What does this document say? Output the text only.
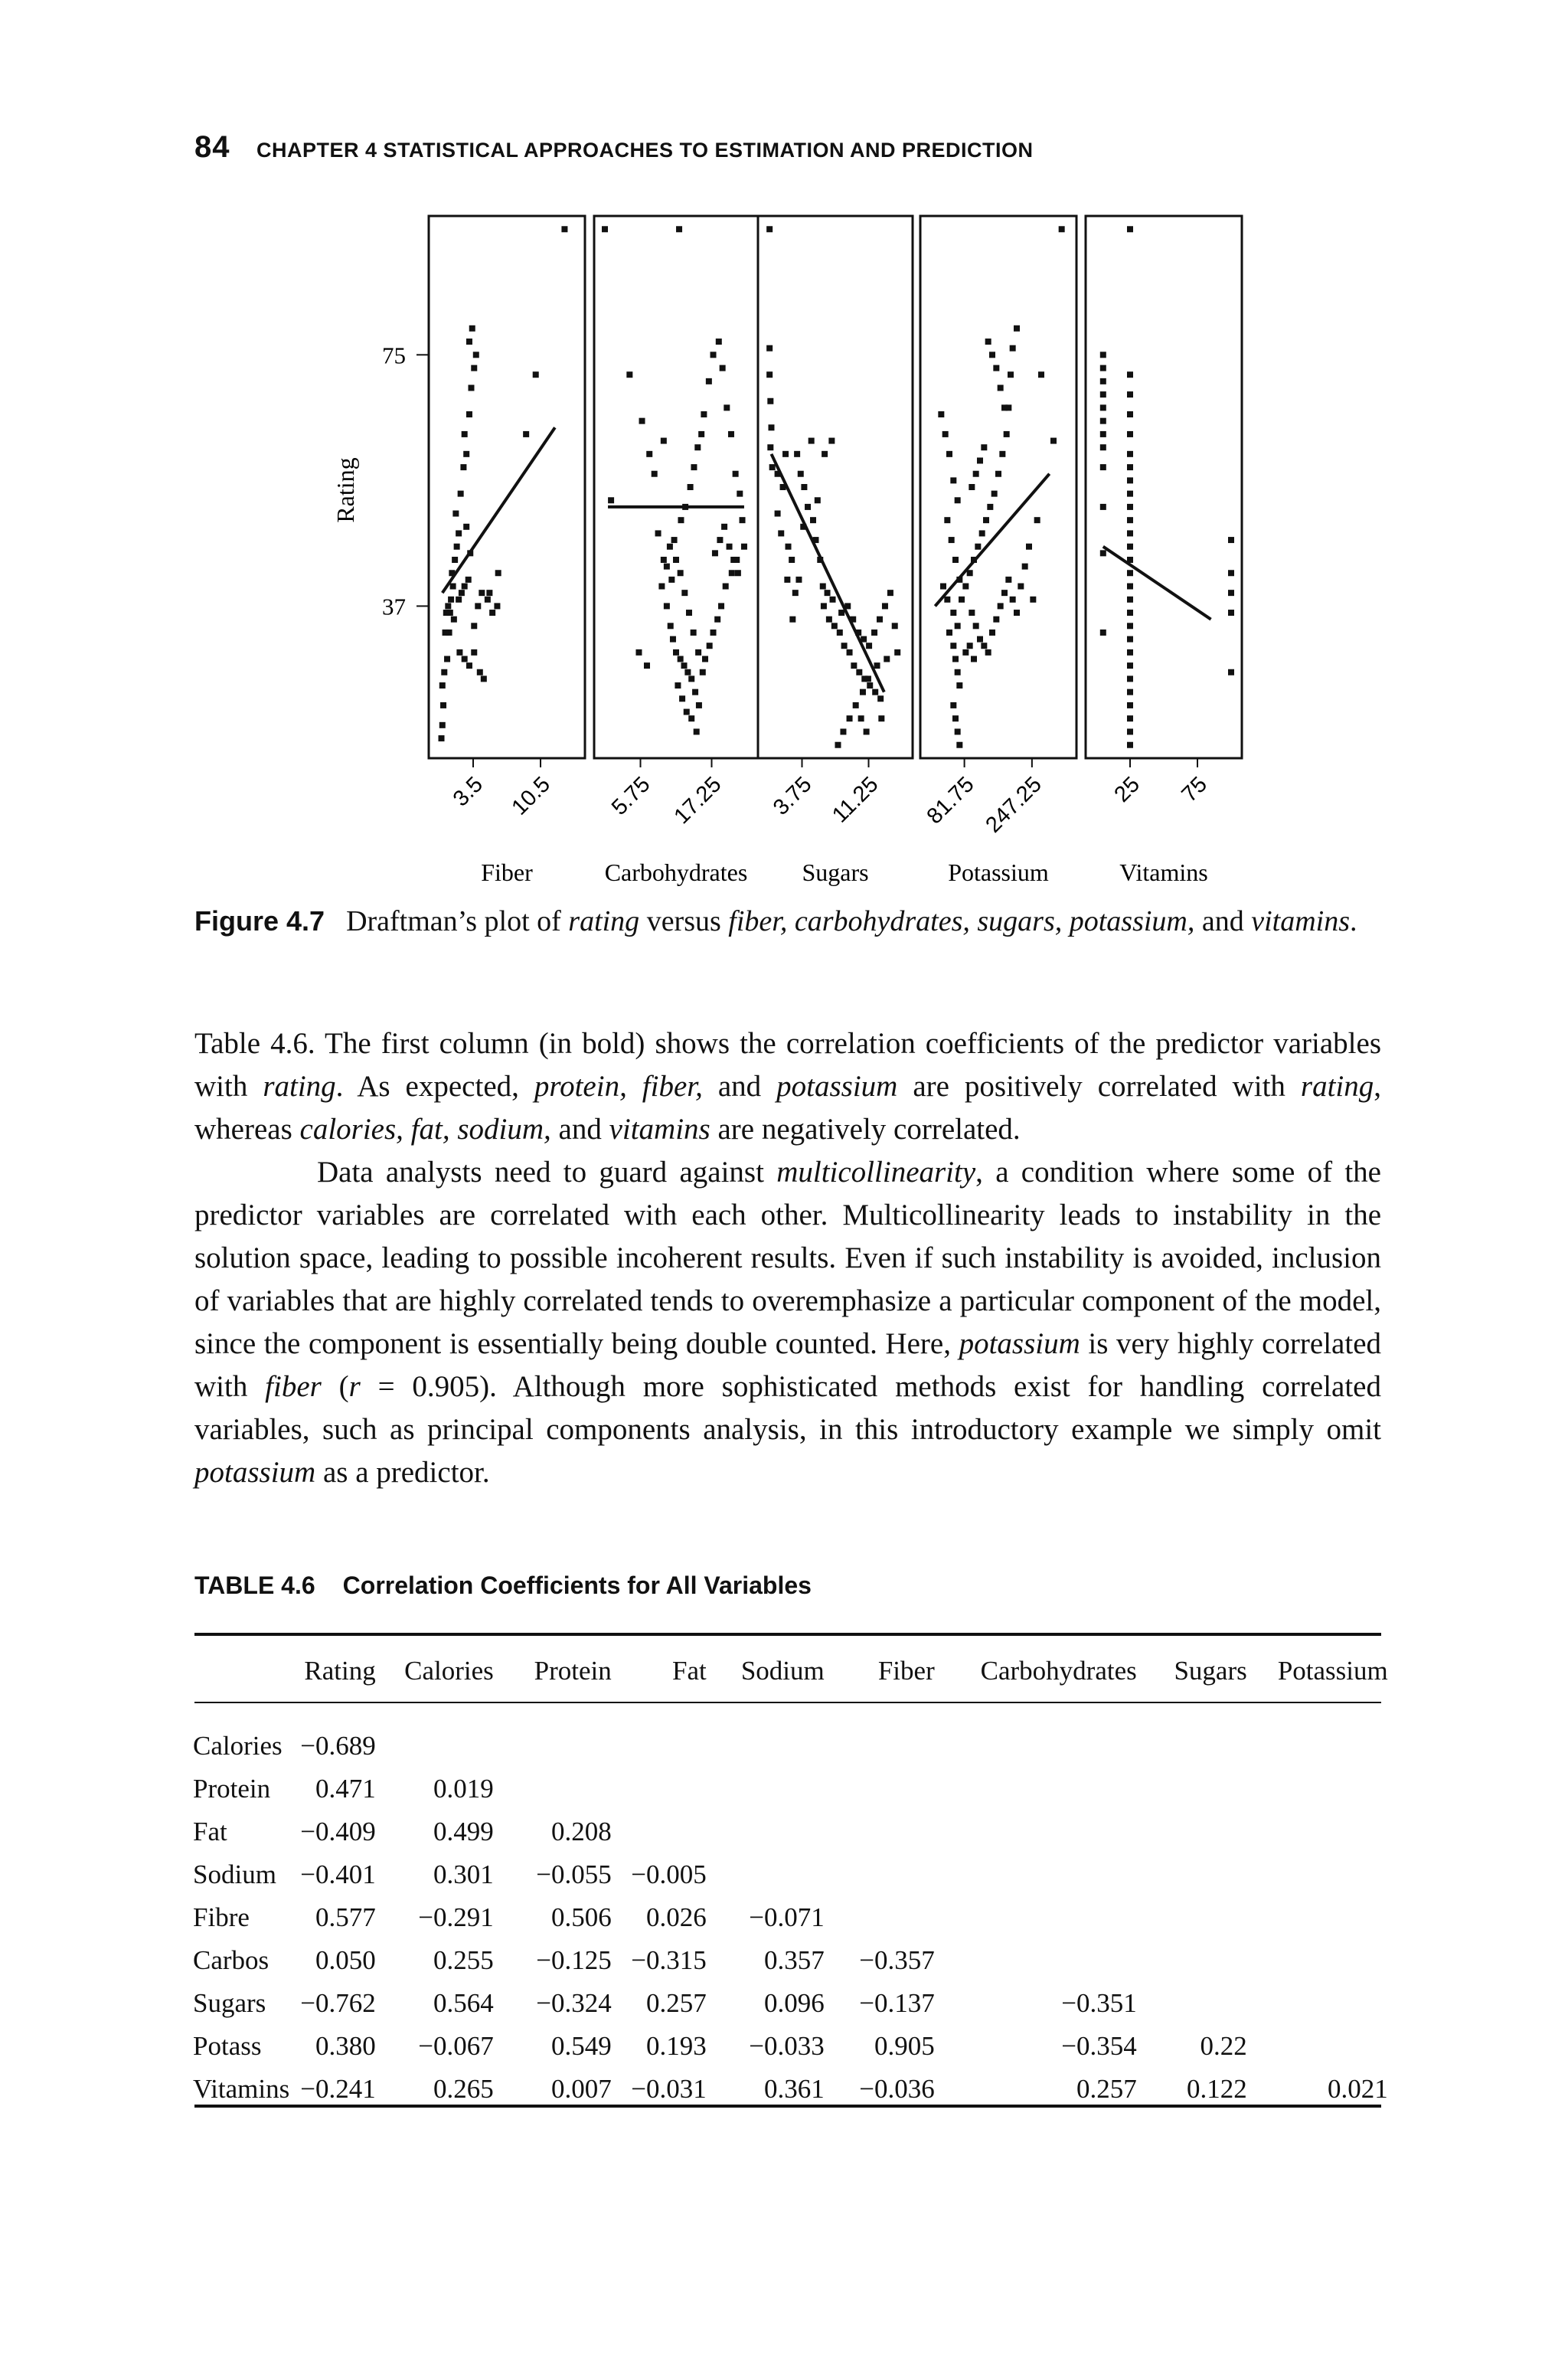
84 CHAPTER 4 STATISTICAL APPROACHES TO ESTIMATION AND PREDICTION
75
37
Rating
3.5 10.5
Fiber
5.75 17.25
Carbohydrates
3.75 11.25
Sugars
81.75 247.25
Potassium
25 75
Vitamins
Figure 4.7 Draftman’s plot of rating versus fiber, carbohydrates, sugars, potassium, and vitamins.

Table 4.6. The first column (in bold) shows the correlation coefficients of the predictor variables with rating. As expected, protein, fiber, and potassium are positively correlated with rating, whereas calories, fat, sodium, and vitamins are negatively correlated.

Data analysts need to guard against multicollinearity, a condition where some of the predictor variables are correlated with each other. Multicollinearity leads to instability in the solution space, leading to possible incoherent results. Even if such instability is avoided, inclusion of variables that are highly correlated tends to overemphasize a particular component of the model, since the component is essentially being double counted. Here, potassium is very highly correlated with fiber (r = 0.905). Although more sophisticated methods exist for handling correlated variables, such as principal components analysis, in this introductory example we simply omit potassium as a predictor.

TABLE 4.6 Correlation Coefficients for All Variables
	Rating	Calories	Protein	Fat	Sodium	Fiber	Carbohydrates	Sugars	Potassium
Calories	−0.689								
Protein	0.471	0.019							
Fat	−0.409	0.499	0.208						
Sodium	−0.401	0.301	−0.055	−0.005					
Fibre	0.577	−0.291	0.506	0.026	−0.071				
Carbos	0.050	0.255	−0.125	−0.315	0.357	−0.357			
Sugars	−0.762	0.564	−0.324	0.257	0.096	−0.137	−0.351		
Potass	0.380	−0.067	0.549	0.193	−0.033	0.905	−0.354	0.22	
Vitamins	−0.241	0.265	0.007	−0.031	0.361	−0.036	0.257	0.122	0.021
